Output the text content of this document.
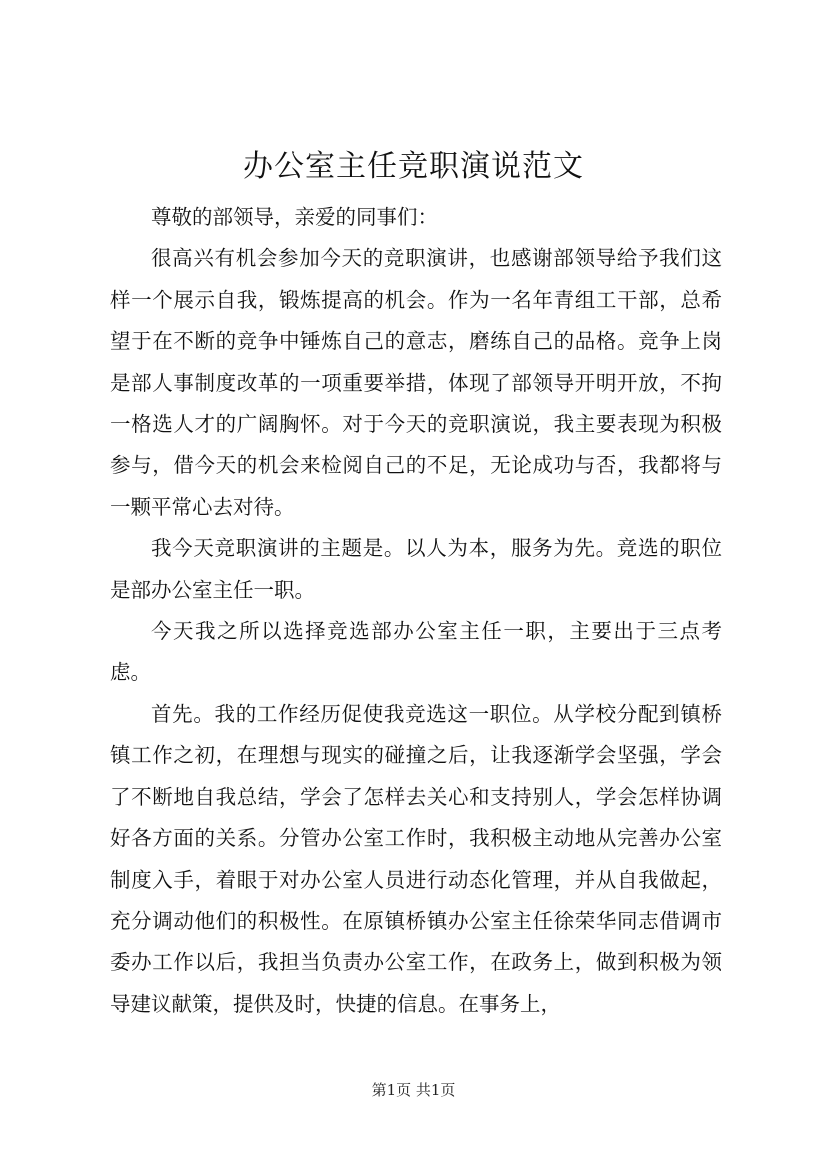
办公室主任竞职演说范文

尊敬的部领导，亲爱的同事们：

很高兴有机会参加今天的竞职演讲，也感谢部领导给予我们这样一个展示自我，锻炼提高的机会。作为一名年青组工干部，总希望于在不断的竞争中锤炼自己的意志，磨练自己的品格。竞争上岗是部人事制度改革的一项重要举措，体现了部领导开明开放，不拘一格选人才的广阔胸怀。对于今天的竞职演说，我主要表现为积极参与，借今天的机会来检阅自己的不足，无论成功与否，我都将与一颗平常心去对待。

我今天竞职演讲的主题是。以人为本，服务为先。竞选的职位是部办公室主任一职。

今天我之所以选择竞选部办公室主任一职，主要出于三点考虑。

首先。我的工作经历促使我竞选这一职位。从学校分配到镇桥镇工作之初，在理想与现实的碰撞之后，让我逐渐学会坚强，学会了不断地自我总结，学会了怎样去关心和支持别人，学会怎样协调好各方面的关系。分管办公室工作时，我积极主动地从完善办公室制度入手，着眼于对办公室人员进行动态化管理，并从自我做起，充分调动他们的积极性。在原镇桥镇办公室主任徐荣华同志借调市委办工作以后，我担当负责办公室工作，在政务上，做到积极为领导建议献策，提供及时，快捷的信息。在事务上，

第1页 共1页
